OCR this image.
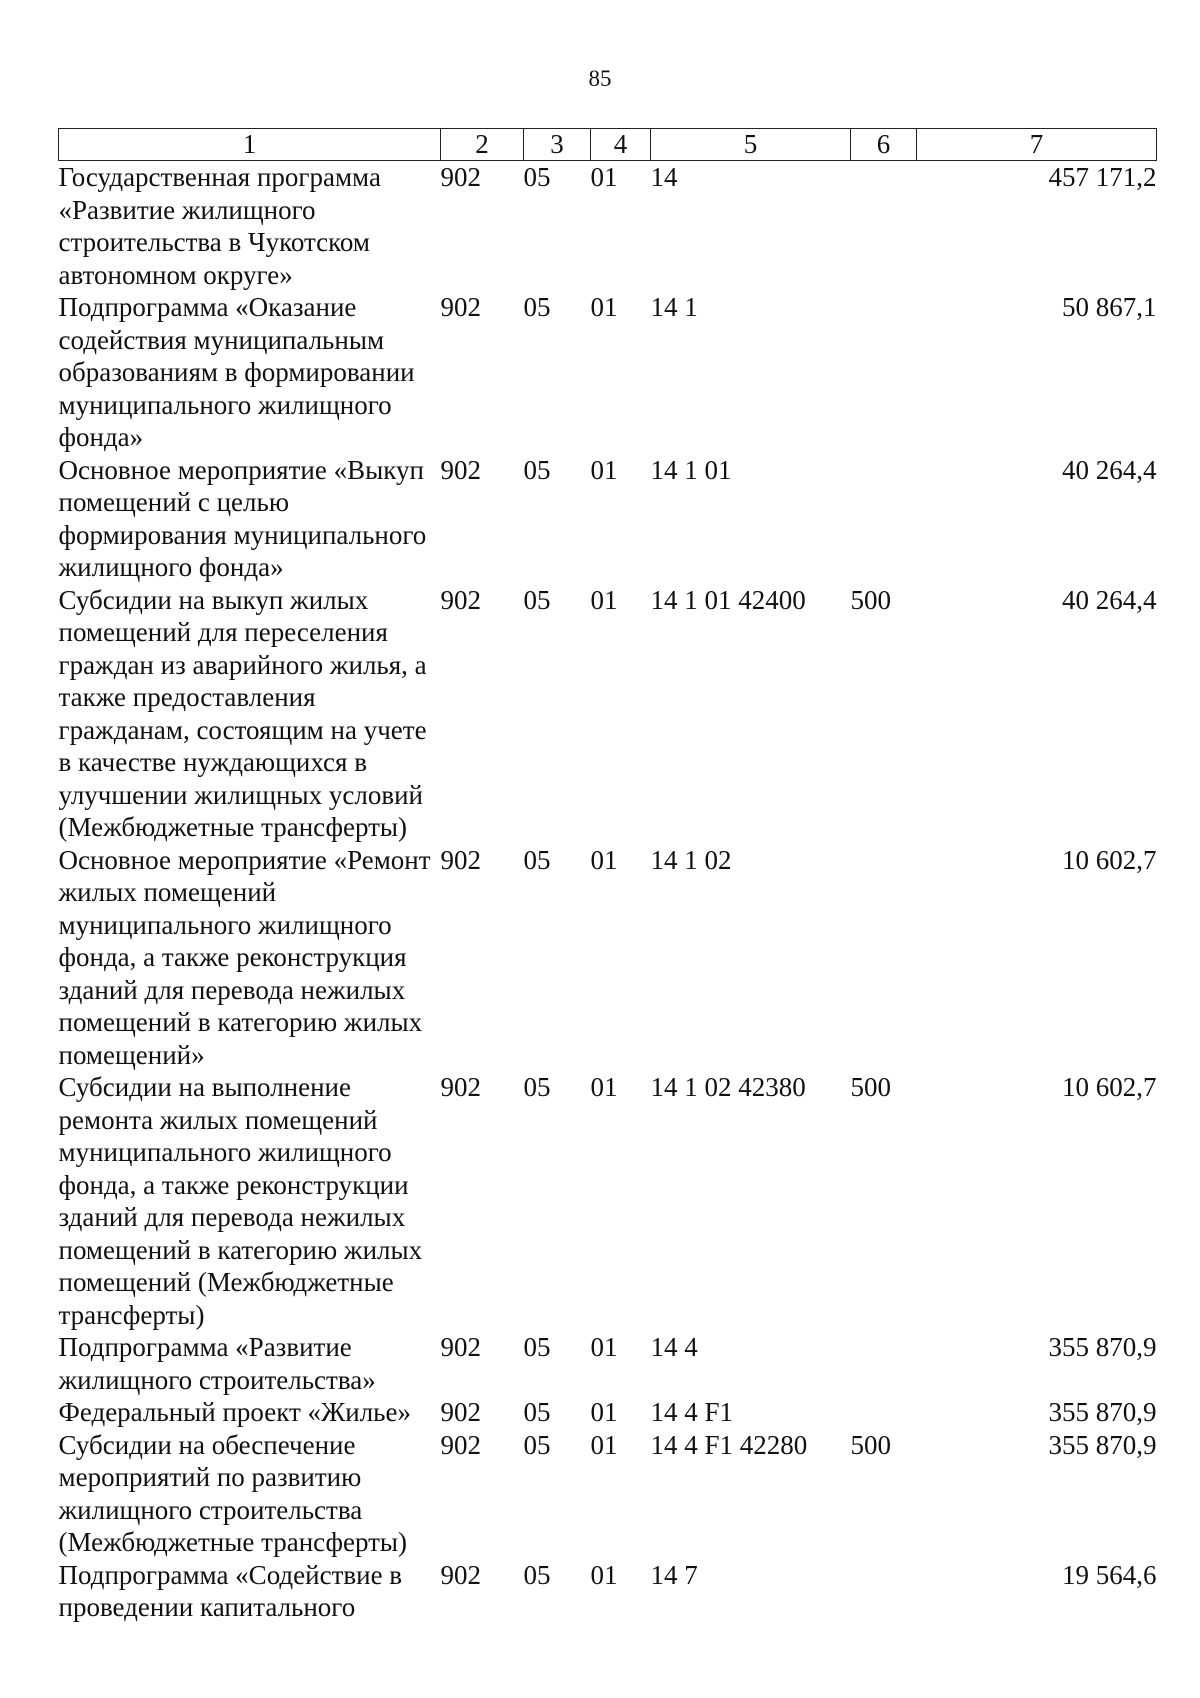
85
1	2	3	4	5	6	7
Государственная программа «Развитие жилищного строительства в Чукотском автономном округе»	902	05	01	14		457 171,2
Подпрограмма «Оказание содействия муниципальным образованиям в формировании муниципального жилищного фонда»	902	05	01	14 1		50 867,1
Основное мероприятие «Выкуп помещений с целью формирования муниципального жилищного фонда»	902	05	01	14 1 01		40 264,4
Субсидии на выкуп жилых помещений для переселения граждан из аварийного жилья, а также предоставления гражданам, состоящим на учете в качестве нуждающихся в улучшении жилищных условий (Межбюджетные трансферты)	902	05	01	14 1 01 42400	500	40 264,4
Основное мероприятие «Ремонт жилых помещений муниципального жилищного фонда, а также реконструкция зданий для перевода нежилых помещений в категорию жилых помещений»	902	05	01	14 1 02		10 602,7
Субсидии на выполнение ремонта жилых помещений муниципального жилищного фонда, а также реконструкции зданий для перевода нежилых помещений в категорию жилых помещений (Межбюджетные трансферты)	902	05	01	14 1 02 42380	500	10 602,7
Подпрограмма «Развитие жилищного строительства»	902	05	01	14 4		355 870,9
Федеральный проект «Жилье»	902	05	01	14 4 F1		355 870,9
Субсидии на обеспечение мероприятий по развитию жилищного строительства (Межбюджетные трансферты)	902	05	01	14 4 F1 42280	500	355 870,9
Подпрограмма «Содействие в проведении капитального	902	05	01	14 7		19 564,6
